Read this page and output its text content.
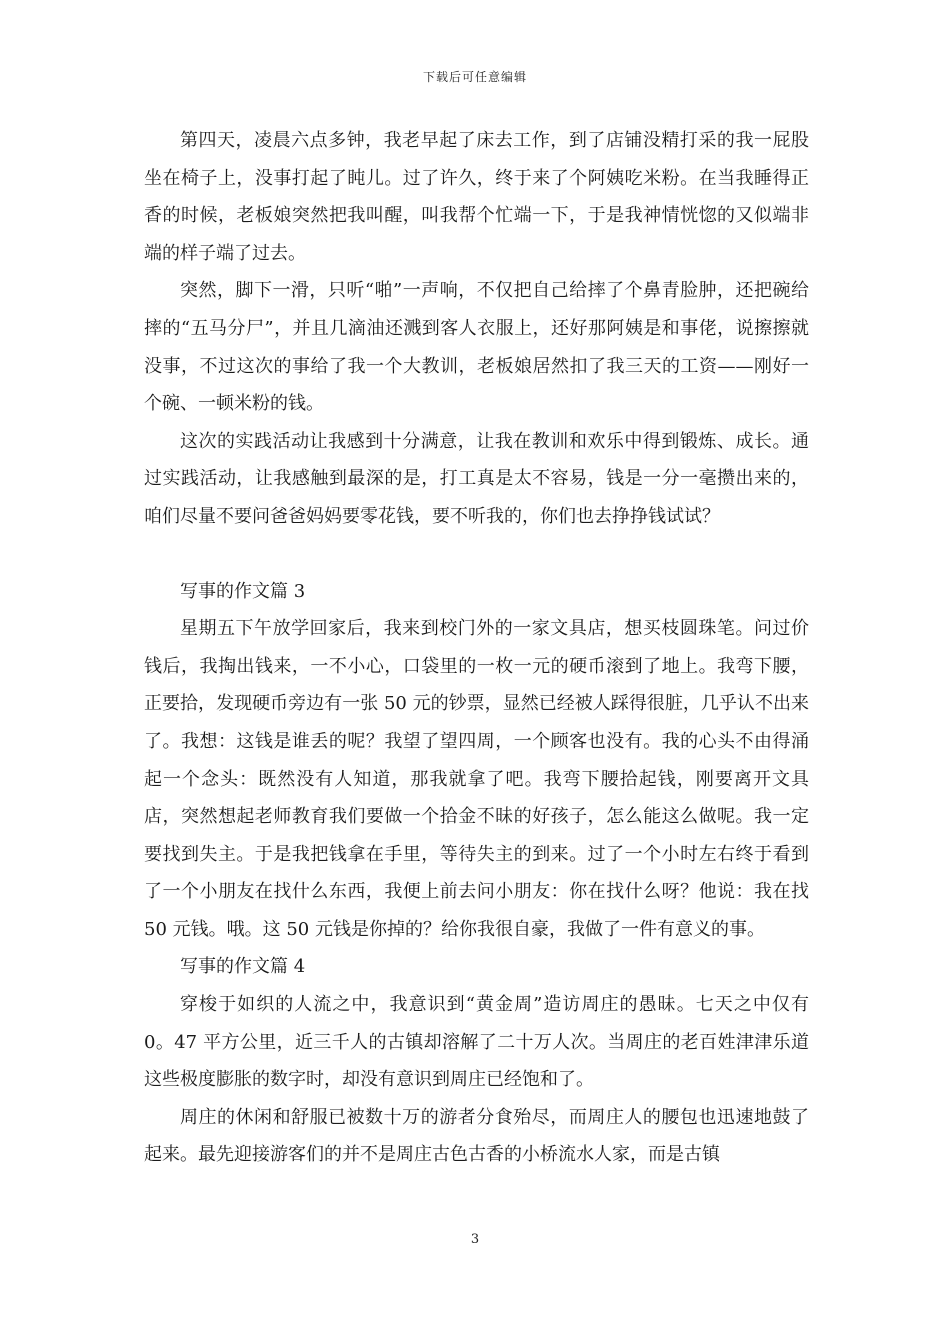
下载后可任意编辑

第四天，凌晨六点多钟，我老早起了床去工作，到了店铺没精打采的我一屁股坐在椅子上，没事打起了盹儿。过了许久，终于来了个阿姨吃米粉。在当我睡得正香的时候，老板娘突然把我叫醒，叫我帮个忙端一下，于是我神情恍惚的又似端非端的样子端了过去。

突然，脚下一滑，只听“啪”一声响，不仅把自己给摔了个鼻青脸肿，还把碗给摔的“五马分尸”，并且几滴油还溅到客人衣服上，还好那阿姨是和事佬，说擦擦就没事，不过这次的事给了我一个大教训，老板娘居然扣了我三天的工资——刚好一个碗、一顿米粉的钱。

这次的实践活动让我感到十分满意，让我在教训和欢乐中得到锻炼、成长。通过实践活动，让我感触到最深的是，打工真是太不容易，钱是一分一毫攒出来的，咱们尽量不要问爸爸妈妈要零花钱，要不听我的，你们也去挣挣钱试试？

写事的作文篇 3

星期五下午放学回家后，我来到校门外的一家文具店，想买枝圆珠笔。问过价钱后，我掏出钱来，一不小心，口袋里的一枚一元的硬币滚到了地上。我弯下腰，正要拾，发现硬币旁边有一张 50 元的钞票，显然已经被人踩得很脏，几乎认不出来了。我想：这钱是谁丢的呢？我望了望四周，一个顾客也没有。我的心头不由得涌起一个念头：既然没有人知道，那我就拿了吧。我弯下腰拾起钱，刚要离开文具店，突然想起老师教育我们要做一个拾金不昧的好孩子，怎么能这么做呢。我一定要找到失主。于是我把钱拿在手里，等待失主的到来。过了一个小时左右终于看到了一个小朋友在找什么东西，我便上前去问小朋友：你在找什么呀？他说：我在找 50 元钱。哦。这 50 元钱是你掉的？给你我很自豪，我做了一件有意义的事。

写事的作文篇 4

穿梭于如织的人流之中，我意识到“黄金周”造访周庄的愚昧。七天之中仅有 0。47 平方公里，近三千人的古镇却溶解了二十万人次。当周庄的老百姓津津乐道这些极度膨胀的数字时，却没有意识到周庄已经饱和了。

周庄的休闲和舒服已被数十万的游者分食殆尽，而周庄人的腰包也迅速地鼓了起来。最先迎接游客们的并不是周庄古色古香的小桥流水人家，而是古镇

3
